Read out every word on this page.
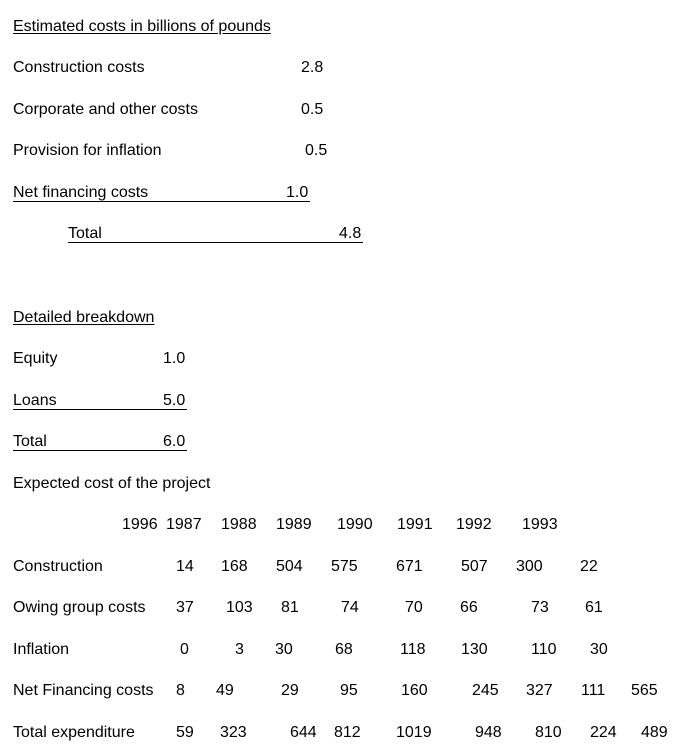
Estimated costs in billions of pounds
Construction costs	2.8
Corporate and other costs	0.5
Provision for inflation	0.5
Net financing costs	1.0
Total	4.8
Detailed breakdown
Equity	1.0
Loans	5.0
Total	6.0
Expected cost of the project
1996 1987 1988 1989 1990 1991 1992 1993
Construction	14 168 504 575 671 507 300 22
Owing group costs 37 103 81	74	70 66	73 61
Inflation	0	3 30	68	118 130	110 30
Net Financing costs 8 49	29	95	160	245 327 111 565
Total expenditure	59 323	644 812 1019	948 810 224 489
